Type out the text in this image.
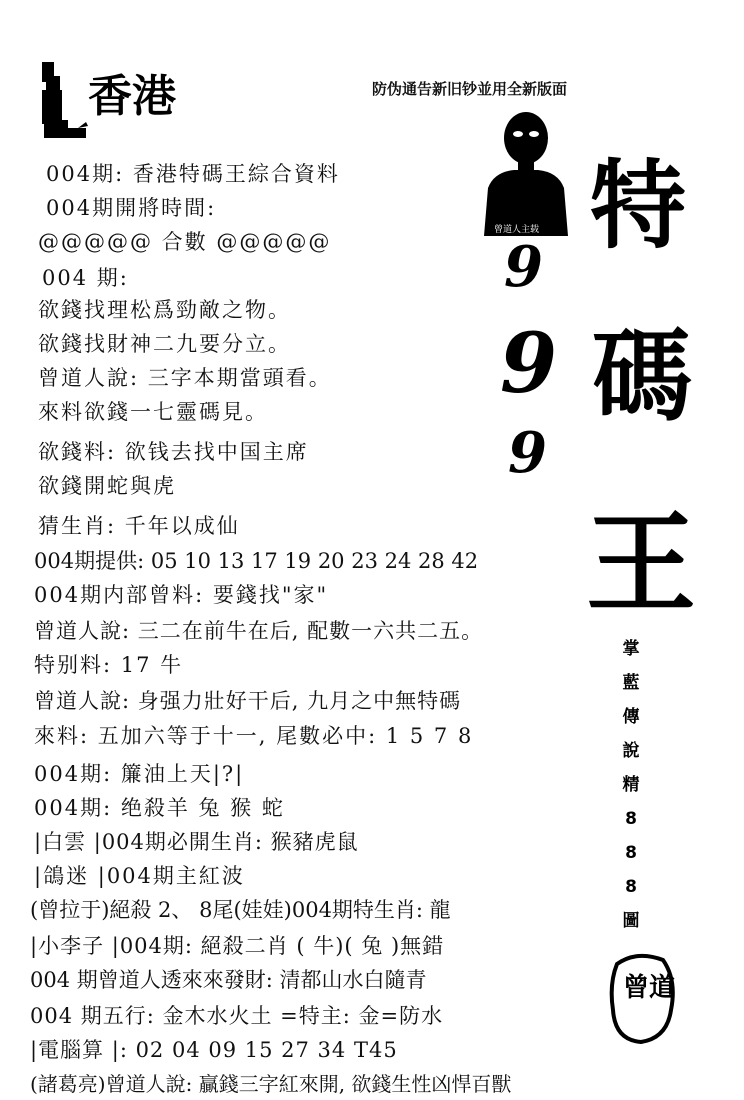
香港	防伪通告新旧钞並用全新版面
曾道人主载
9
9
9
特
碼
王
掌
藍
傳
說
精
8
8
8
圖
曾道
004期: 香港特碼王綜合資料
004期開將時間:
@@@@@ 合數 @@@@@
004 期:
欲錢找理松爲勁敵之物。
欲錢找財神二九要分立。
曾道人說: 三字本期當頭看。
來料欲錢一七靈碼見。
欲錢料: 欲钱去找中国主席
欲錢開蛇與虎
猜生肖: 千年以成仙
004期提供: 05 10 13 17 19 20 23 24 28 42
004期内部曾料: 要錢找"家"
曾道人說: 三二在前牛在后, 配數一六共二五。
特别料: 17 牛
曾道人說: 身强力壯好干后, 九月之中無特碼
來料: 五加六等于十一, 尾數必中: 1 5 7 8
004期: 簾油上天|?|
004期: 绝殺羊 兔 猴 蛇
|白雲 |004期必開生肖: 猴豬虎鼠
|鴿迷 |004期主紅波
(曾拉于)絕殺 2、 8尾(娃娃)004期特生肖: 龍
|小李子 |004期: 絕殺二肖 ( 牛)( 兔 )無錯
004 期曾道人透來來發財: 清都山水白隨青
004 期五行: 金木水火土 =特主: 金=防水
|電腦算 |: 02 04 09 15 27 34 T45
(諸葛亮)曾道人說: 贏錢三字紅來開, 欲錢生性凶悍百獸
